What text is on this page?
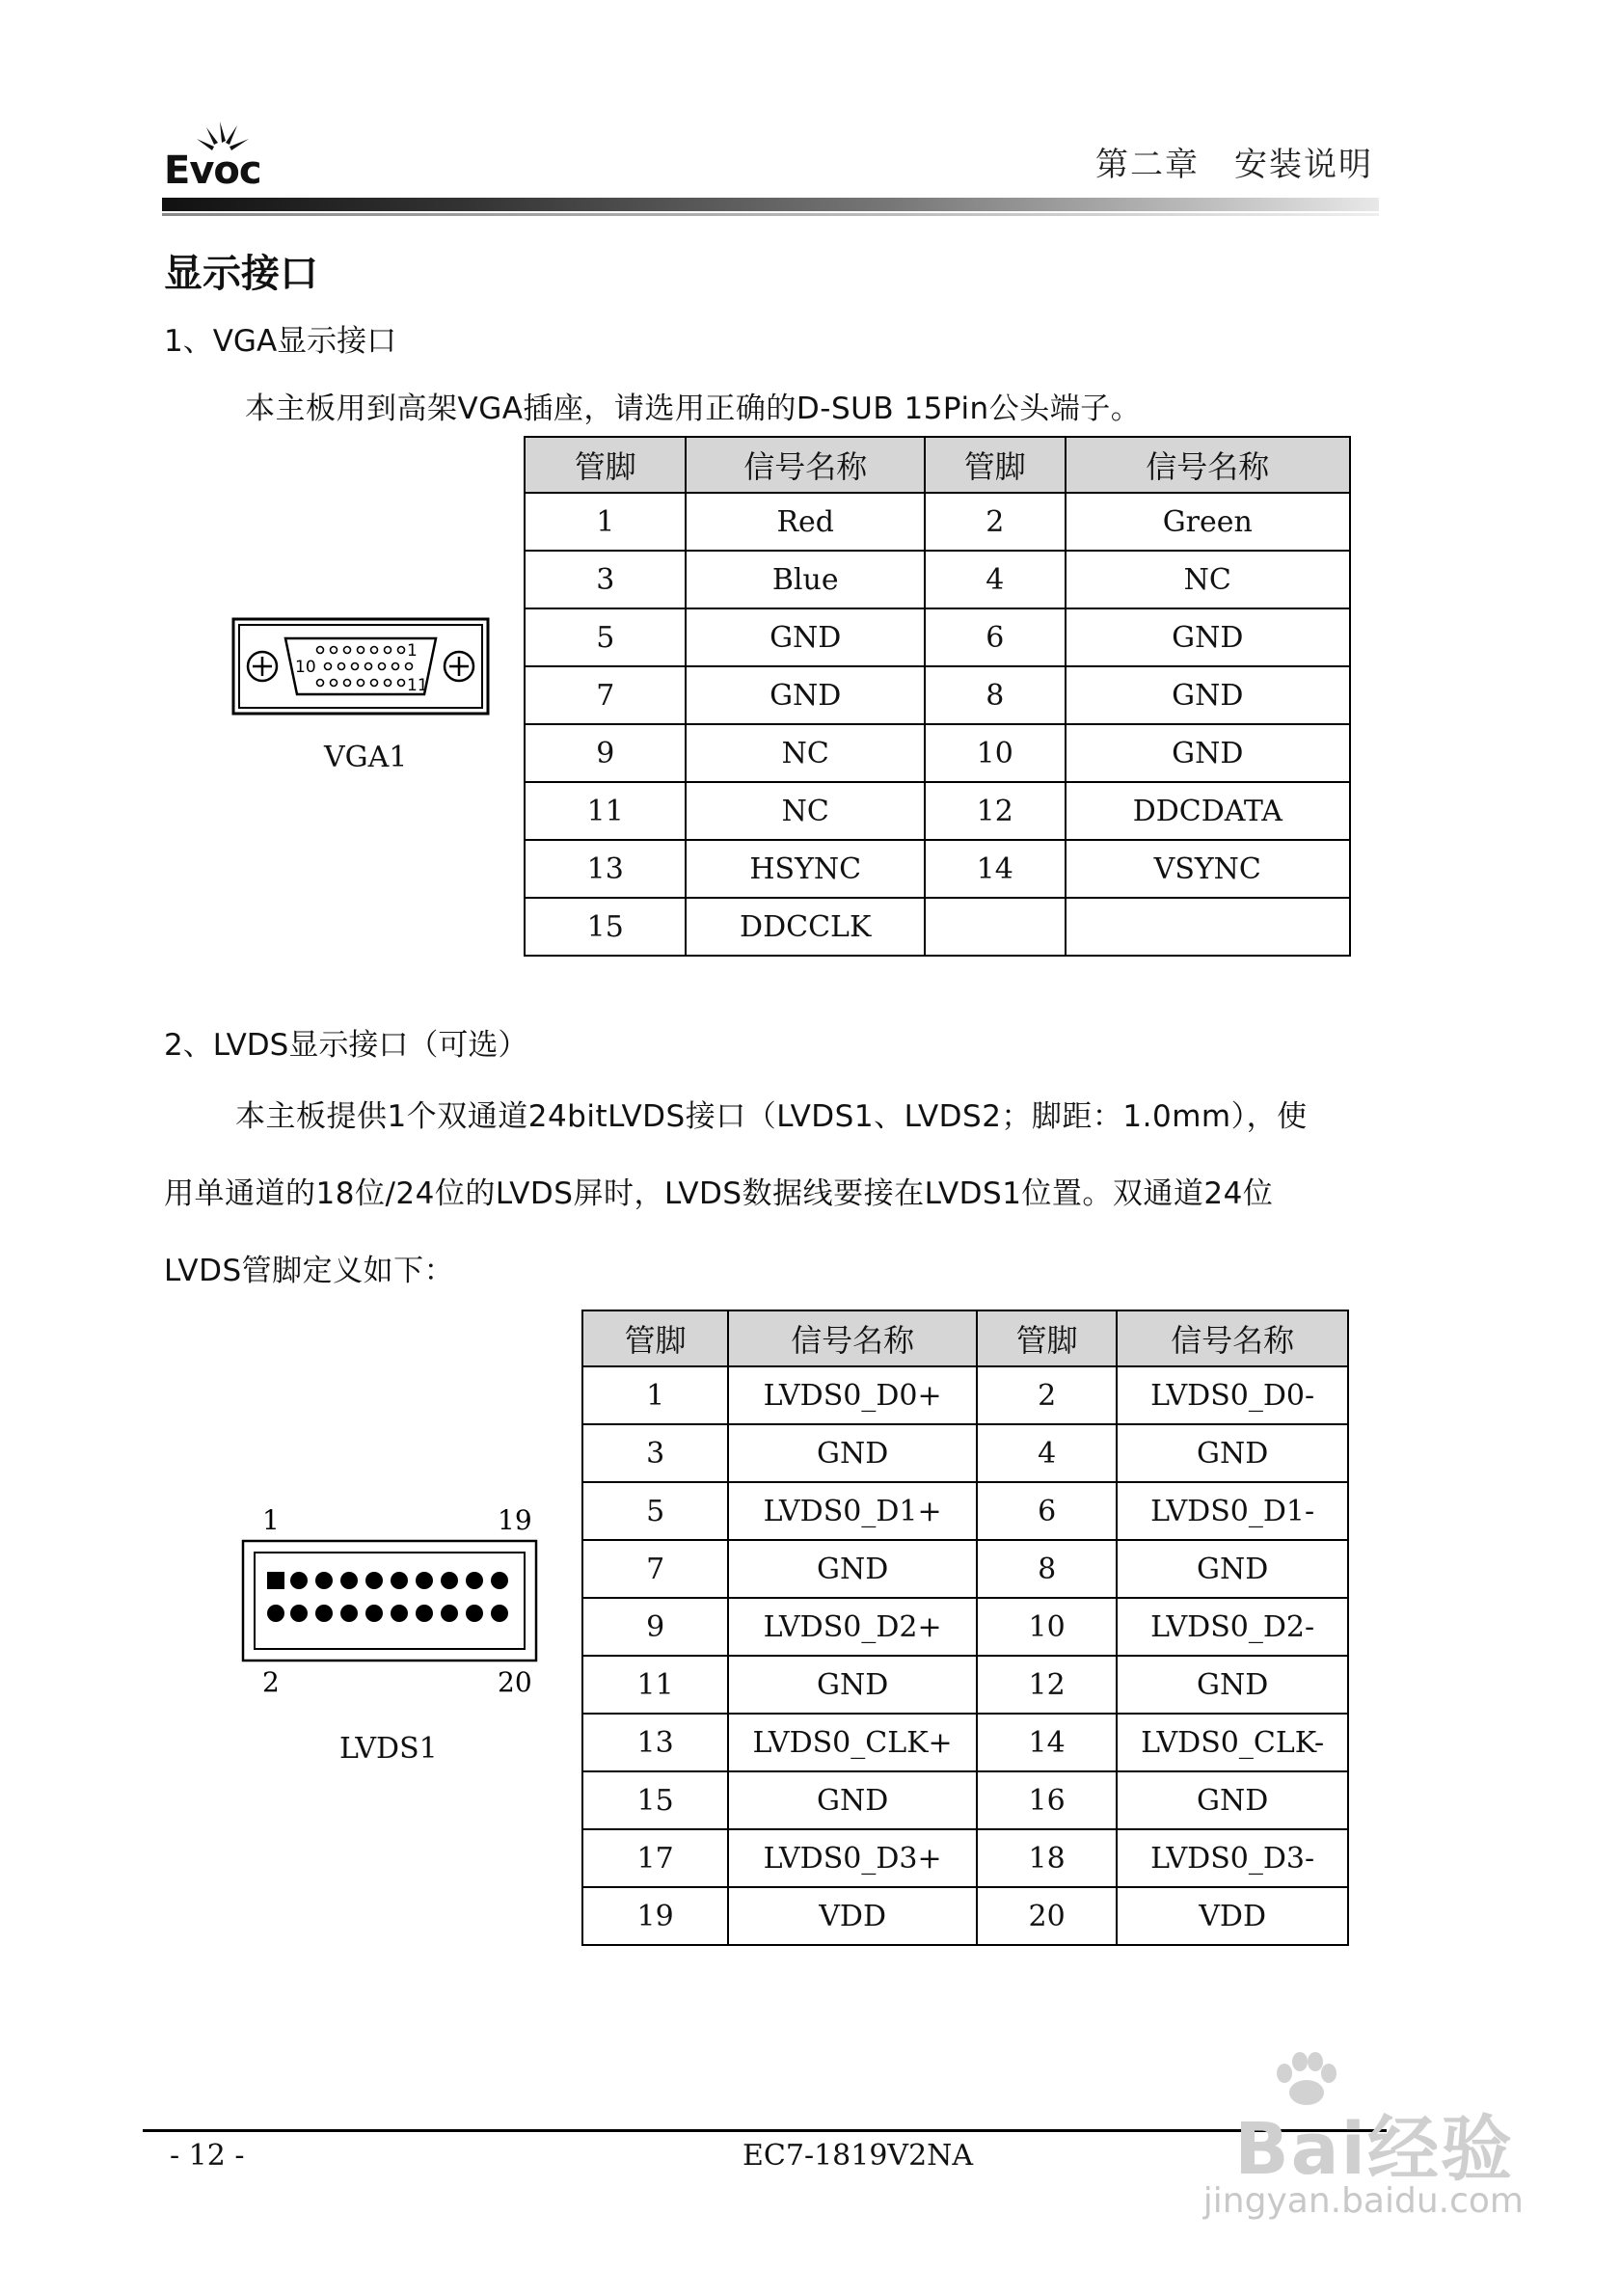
Evoc	第二章　安装说明
显示接口
1、VGA显示接口
本主板用到高架VGA插座，请选用正确的D-SUB 15Pin公头端子。
1
10
11
VGA1
管脚	信号名称	管脚	信号名称
1	Red	2	Green
3	Blue	4	NC
5	GND	6	GND
7	GND	8	GND
9	NC	10	GND
11	NC	12	DDCDATA
13	HSYNC	14	VSYNC
15	DDCCLK		
2、LVDS显示接口（可选）
本主板提供1个双通道24bitLVDS接口（LVDS1、LVDS2；脚距：1.0mm），使
用单通道的18位/24位的LVDS屏时，LVDS数据线要接在LVDS1位置。双通道24位
LVDS管脚定义如下：
1	19
2	20
LVDS1
管脚	信号名称	管脚	信号名称
1	LVDS0_D0+	2	LVDS0_D0-
3	GND	4	GND
5	LVDS0_D1+	6	LVDS0_D1-
7	GND	8	GND
9	LVDS0_D2+	10	LVDS0_D2-
11	GND	12	GND
13	LVDS0_CLK+	14	LVDS0_CLK-
15	GND	16	GND
17	LVDS0_D3+	18	LVDS0_D3-
19	VDD	20	VDD
- 12 -	EC7-1819V2NA	Bai经验
jingyan.baidu.com
